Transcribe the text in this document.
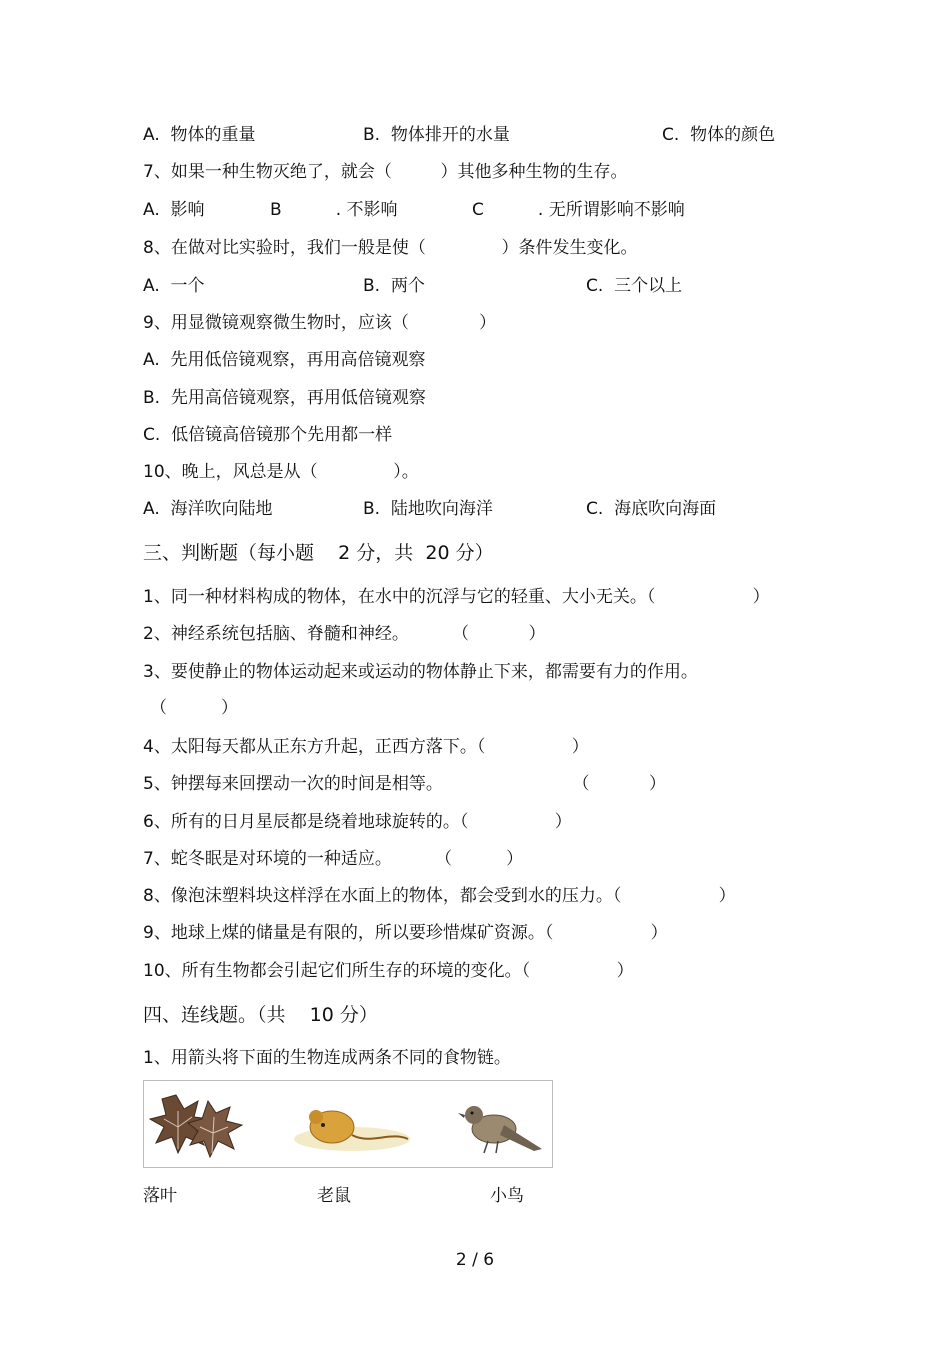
A.  物体的重量	B.  物体排开的水量	C.  物体的颜色
7、如果一种生物灭绝了，就会（         ）其他多种生物的生存。
A.  影响	B          . 不影响	C          . 无所谓影响不影响
8、在做对比实验时，我们一般是使（              ）条件发生变化。
A.  一个	B.  两个	C.  三个以上
9、用显微镜观察微生物时，应该（             ）
A.  先用低倍镜观察，再用高倍镜观察
B.  先用高倍镜观察，再用低倍镜观察
C.  低倍镜高倍镜那个先用都一样
10、晚上，风总是从（              ）。
A.  海洋吹向陆地	B.  陆地吹向海洋	C.  海底吹向海面
三、判断题（每小题    2 分，共  20 分）
1、同一种材料构成的物体，在水中的沉浮与它的轻重、大小无关。（                  ）
2、神经系统包括脑、脊髓和神经。        （           ）
3、要使静止的物体运动起来或运动的物体静止下来，都需要有力的作用。
（          ）
4、太阳每天都从正东方升起，正西方落下。（                ）
5、钟摆每来回摆动一次的时间是相等。                        （           ）
6、所有的日月星辰都是绕着地球旋转的。（                ）
7、蛇冬眠是对环境的一种适应。        （          ）
8、像泡沫塑料块这样浮在水面上的物体，都会受到水的压力。（                  ）
9、地球上煤的储量是有限的，所以要珍惜煤矿资源。（                  ）
10、所有生物都会引起它们所生存的环境的变化。（                ）
四、连线题。（共    10 分）
1、用箭头将下面的生物连成两条不同的食物链。
落叶	老鼠	小鸟
2 / 6
